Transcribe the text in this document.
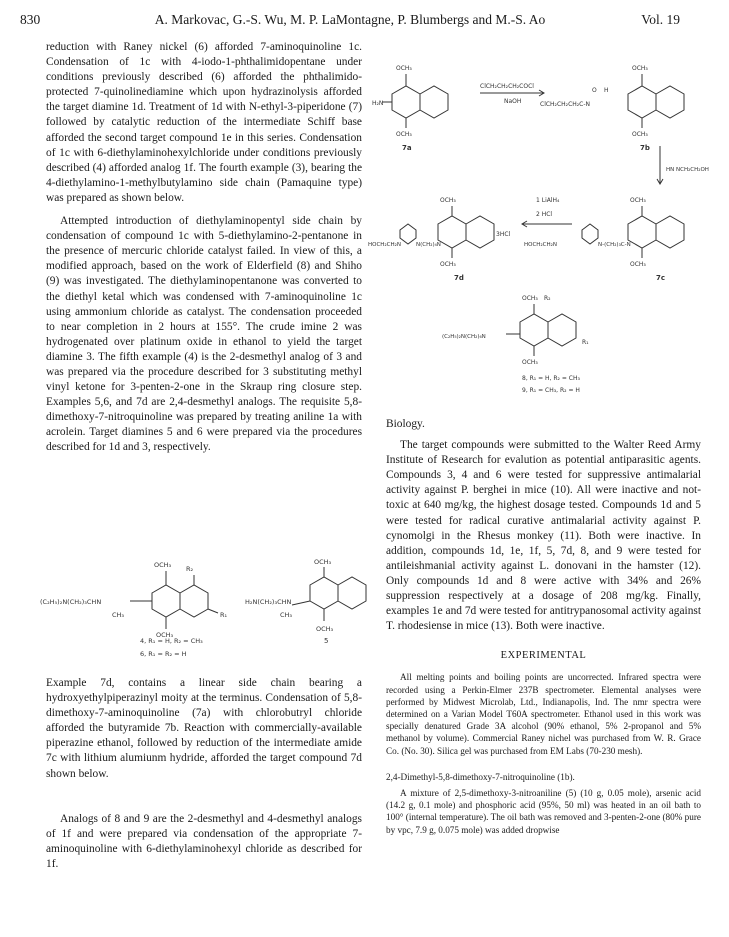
830	A. Markovac, G.-S. Wu, M. P. LaMontagne, P. Blumbergs and M.-S. Ao	Vol. 19

reduction with Raney nickel (6) afforded 7-aminoquinoline 1c. Condensation of 1c with 4-iodo-1-phthalimidopentane under conditions previously described (6) afforded the phthalimido-protected 7-quinolinediamine which upon hydrazinolysis afforded the target diamine 1d. Treatment of 1d with N-ethyl-3-piperidone (7) followed by catalytic reduction of the intermediate Schiff base afforded the second target compound 1e in this series. Condensation of 1c with 6-diethylaminohexylchloride under conditions previously described (4) afforded analog 1f. The fourth example (3), bearing the 4-diethylamino-1-methylbutylamino side chain (Pamaquine type) was prepared as shown below.

Attempted introduction of diethylaminopentyl side chain by condensation of compound 1c with 5-diethylamino-2-pentanone in the presence of mercuric chloride catalyst failed. In view of this, a modified approach, based on the work of Elderfield (8) and Shiho (9) was investigated. The diethylaminopentanone was converted to the diethyl ketal which was condensed with 7-aminoquinoline 1c using ammonium chloride as catalyst. The condensation proceeded to near completion in 2 hours at 155°. The crude imine 2 was hydrogenated over platinum oxide in ethanol to yield the target diamine 3. The fifth example (4) is the 2-desmethyl analog of 3 and was prepared via the procedure described for 3 substituting methyl vinyl ketone for 3-penten-2-one in the Skraup ring closure step. Examples 5,6, and 7d are 2,4-desmethyl analogs. The requisite 5,8-dimethoxy-7-nitroquinoline was prepared by treating aniline 1a with acrolein. Target diamines 5 and 6 were prepared via the procedures described for 1d and 3, respectively.

(C₂H₅)₂N(CH₂)₃CHN
CH₃
OCH₃ R₂
OCH₃
R₁
H₂N(CH₂)₃CHN
CH₃
OCH₃
OCH₃
4, R₁ = H, R₂ = CH₃
6, R₁ = R₂ = H
5

Example 7d, contains a linear side chain bearing a hydroxyethylpiperazinyl moity at the terminus. Condensation of 5,8-dimethoxy-7-aminoquinoline (7a) with chlorobutryl chloride afforded the butyramide 7b. Reaction with commercially-available piperazine ethanol, followed by reduction of the intermediate amide 7c with lithium alumiunm hydride, afforded the target compound 7d shown below.

Analogs of 8 and 9 are the 2-desmethyl and 4-desmethyl analogs of 1f and were prepared via condensation of the appropriate 7-aminoquinoline with 6-diethylaminohexyl chloride as described for 1f.

OCH₃
H₂N
OCH₃
7a
ClCH₂CH₂CH₂COCl
NaOH
OCH₃
O H
ClCH₂CH₂CH₂C-N
OCH₃
7b
HN NCH₂CH₂OH
1 LiAlH₄
2 HCl
OCH₃
3HCl
HOCH₂CH₂N	N(CH₂)₄N
OCH₃
7d
OCH₃
HOCH₂CH₂N	N-(CH₂)₃C-N
OCH₃
7c
OCH₃ R₂
(C₂H₅)₂N(CH₂)₆N
R₁
OCH₃
8, R₁ = H, R₂ = CH₃
9, R₁ = CH₃, R₂ = H

Biology.

The target compounds were submitted to the Walter Reed Army Institute of Research for evalution as potential antiparasitic agents. Compounds 3, 4 and 6 were tested for suppressive antimalarial activity against P. berghei in mice (10). All were inactive and not-toxic at 640 mg/kg, the highest dosage tested. Compounds 1d and 5 were tested for radical curative antimalarial activity against P. cynomolgi in the Rhesus monkey (11). Both were inactive. In addition, compounds 1d, 1e, 1f, 5, 7d, 8, and 9 were tested for antileishmanial activity against L. donovani in the hamster (12). Only compounds 1d and 8 were active with 34% and 26% suppression respectively at a dosage of 208 mg/kg. Finally, examples 1e and 7d were tested for antitrypanosomal activity against T. rhodesiense in mice (13). Both were inactive.

EXPERIMENTAL

All melting points and boiling points are uncorrected. Infrared spectra were recorded using a Perkin-Elmer 237B spectrometer. Elemental analyses were performed by Midwest Microlab, Ltd., Indianapolis, Ind. The nmr spectra were determined on a Varian Model T60A spectrometer. Ethanol used in this work was specially denatured Grade 3A alcohol (90% ethanol, 5% 2-propanol and 5% methanol by volume). Commercial Raney nichel was purchased from W. R. Grace Co. (No. 30). Silica gel was purchased from EM Labs (70-230 mesh).

2,4-Dimethyl-5,8-dimethoxy-7-nitroquinoline (1b).

A mixture of 2,5-dimethoxy-3-nitroaniline (5) (10 g, 0.05 mole), arsenic acid (14.2 g, 0.1 mole) and phosphoric acid (95%, 50 ml) was heated in an oil bath to 100° (internal temperature). The oil bath was removed and 3-penten-2-one (80% pure by vpc, 7.9 g, 0.075 mole) was added dropwise
